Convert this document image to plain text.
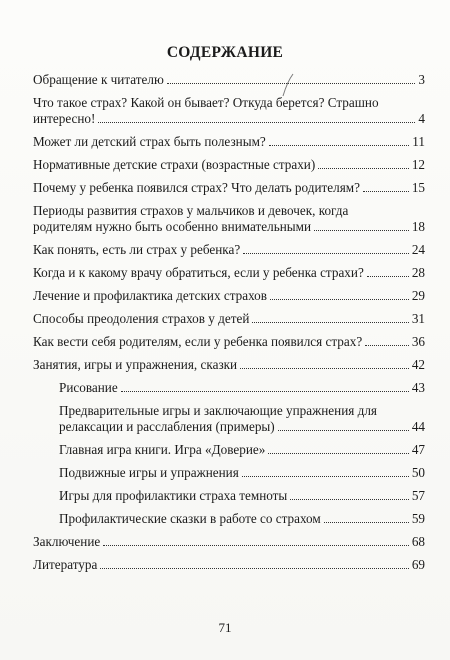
СОДЕРЖАНИЕ
Обращение к читателю	3
Что такое страх? Какой он бывает? Откуда берется? Страшно
интересно!	4
Может ли детский страх быть полезным?	11
Нормативные детские страхи (возрастные страхи)	12
Почему у ребенка появился страх? Что делать родителям?	15
Периоды развития страхов у мальчиков и девочек, когда
родителям нужно быть особенно внимательными	18
Как понять, есть ли страх у ребенка?	24
Когда и к какому врачу обратиться, если у ребенка страхи?	28
Лечение и профилактика детских страхов	29
Способы преодоления страхов у детей	31
Как вести себя родителям, если у ребенка появился страх?	36
Занятия, игры и упражнения, сказки	42
Рисование	43
Предварительные игры и заключающие упражнения для
релаксации и расслабления (примеры)	44
Главная игра книги. Игра «Доверие»	47
Подвижные игры и упражнения	50
Игры для профилактики страха темноты	57
Профилактические сказки в работе со страхом	59
Заключение	68
Литература	69
71
